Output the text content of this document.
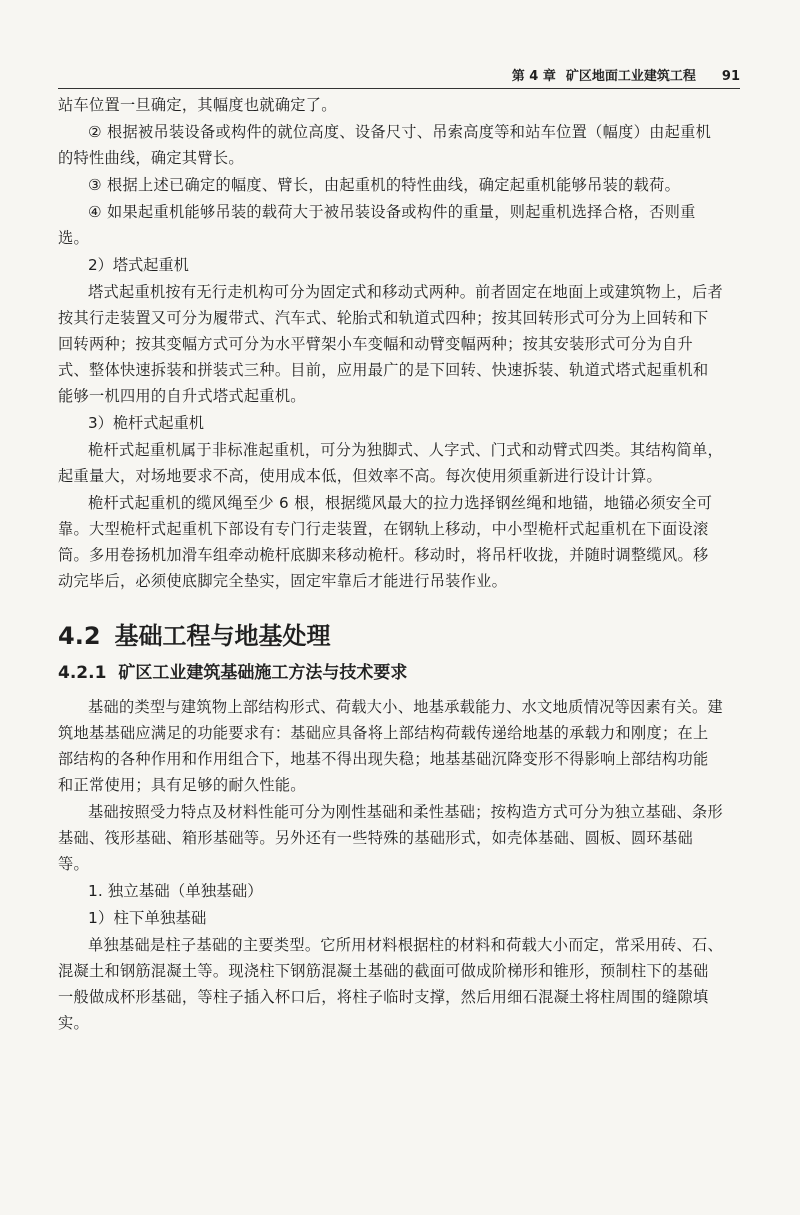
第 4 章 矿区地面工业建筑工程 91

站车位置一旦确定，其幅度也就确定了。

② 根据被吊装设备或构件的就位高度、设备尺寸、吊索高度等和站车位置（幅度）由起重机的特性曲线，确定其臂长。

③ 根据上述已确定的幅度、臂长，由起重机的特性曲线，确定起重机能够吊装的载荷。

④ 如果起重机能够吊装的载荷大于被吊装设备或构件的重量，则起重机选择合格，否则重选。

2）塔式起重机

塔式起重机按有无行走机构可分为固定式和移动式两种。前者固定在地面上或建筑物上，后者按其行走装置又可分为履带式、汽车式、轮胎式和轨道式四种；按其回转形式可分为上回转和下回转两种；按其变幅方式可分为水平臂架小车变幅和动臂变幅两种；按其安装形式可分为自升式、整体快速拆装和拼装式三种。目前，应用最广的是下回转、快速拆装、轨道式塔式起重机和能够一机四用的自升式塔式起重机。

3）桅杆式起重机

桅杆式起重机属于非标准起重机，可分为独脚式、人字式、门式和动臂式四类。其结构简单，起重量大，对场地要求不高，使用成本低，但效率不高。每次使用须重新进行设计计算。

桅杆式起重机的缆风绳至少 6 根，根据缆风最大的拉力选择钢丝绳和地锚，地锚必须安全可靠。大型桅杆式起重机下部设有专门行走装置，在钢轨上移动，中小型桅杆式起重机在下面设滚筒。多用卷扬机加滑车组牵动桅杆底脚来移动桅杆。移动时，将吊杆收拢，并随时调整缆风。移动完毕后，必须使底脚完全垫实，固定牢靠后才能进行吊装作业。

4.2 基础工程与地基处理
4.2.1 矿区工业建筑基础施工方法与技术要求

基础的类型与建筑物上部结构形式、荷载大小、地基承载能力、水文地质情况等因素有关。建筑地基基础应满足的功能要求有：基础应具备将上部结构荷载传递给地基的承载力和刚度；在上部结构的各种作用和作用组合下，地基不得出现失稳；地基基础沉降变形不得影响上部结构功能和正常使用；具有足够的耐久性能。

基础按照受力特点及材料性能可分为刚性基础和柔性基础；按构造方式可分为独立基础、条形基础、筏形基础、箱形基础等。另外还有一些特殊的基础形式，如壳体基础、圆板、圆环基础等。

1. 独立基础（单独基础）

1）柱下单独基础

单独基础是柱子基础的主要类型。它所用材料根据柱的材料和荷载大小而定，常采用砖、石、混凝土和钢筋混凝土等。现浇柱下钢筋混凝土基础的截面可做成阶梯形和锥形，预制柱下的基础一般做成杯形基础，等柱子插入杯口后，将柱子临时支撑，然后用细石混凝土将柱周围的缝隙填实。
